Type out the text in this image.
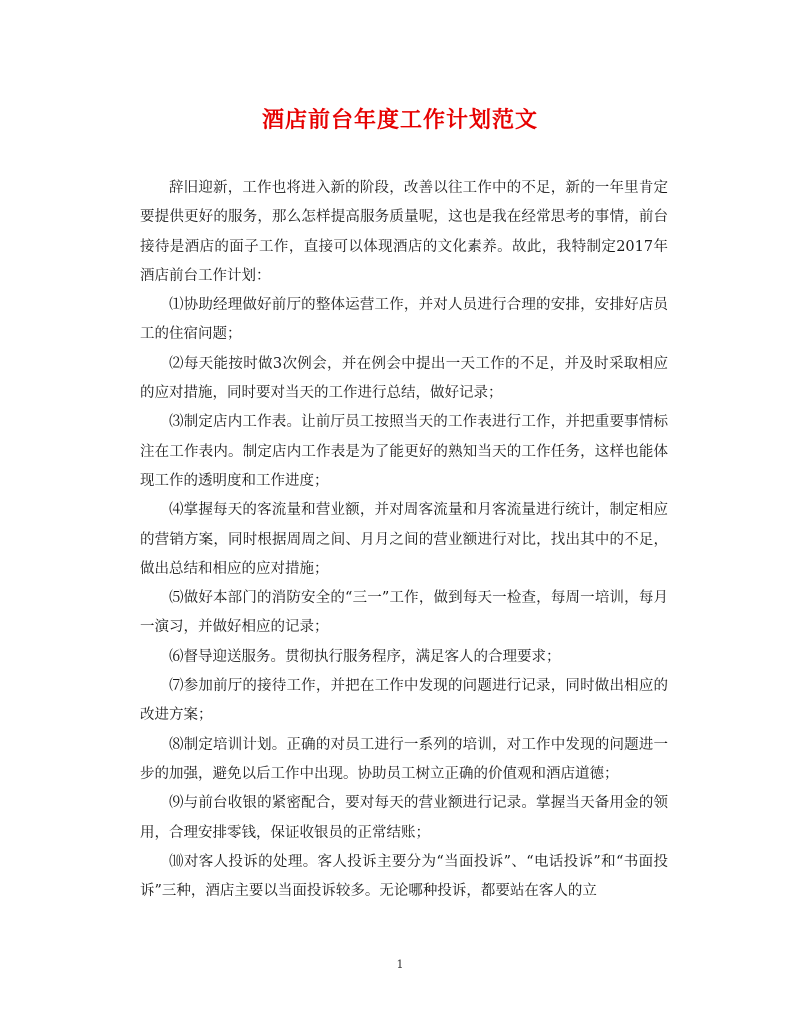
酒店前台年度工作计划范文

辞旧迎新，工作也将进入新的阶段，改善以往工作中的不足，新的一年里肯定要提供更好的服务，那么怎样提高服务质量呢，这也是我在经常思考的事情，前台接待是酒店的面子工作，直接可以体现酒店的文化素养。故此，我特制定2017年酒店前台工作计划：

⑴协助经理做好前厅的整体运营工作，并对人员进行合理的安排，安排好店员工的住宿问题；

⑵每天能按时做3次例会，并在例会中提出一天工作的不足，并及时采取相应的应对措施，同时要对当天的工作进行总结，做好记录；

⑶制定店内工作表。让前厅员工按照当天的工作表进行工作，并把重要事情标注在工作表内。制定店内工作表是为了能更好的熟知当天的工作任务，这样也能体现工作的透明度和工作进度；

⑷掌握每天的客流量和营业额，并对周客流量和月客流量进行统计，制定相应的营销方案，同时根据周周之间、月月之间的营业额进行对比，找出其中的不足，做出总结和相应的应对措施；

⑸做好本部门的消防安全的“三一”工作，做到每天一检查，每周一培训，每月一演习，并做好相应的记录；

⑹督导迎送服务。贯彻执行服务程序，满足客人的合理要求；

⑺参加前厅的接待工作，并把在工作中发现的问题进行记录，同时做出相应的改进方案；

⑻制定培训计划。正确的对员工进行一系列的培训，对工作中发现的问题进一步的加强，避免以后工作中出现。协助员工树立正确的价值观和酒店道德；

⑼与前台收银的紧密配合，要对每天的营业额进行记录。掌握当天备用金的领用，合理安排零钱，保证收银员的正常结账；

⑽对客人投诉的处理。客人投诉主要分为“当面投诉”、“电话投诉”和“书面投诉”三种，酒店主要以当面投诉较多。无论哪种投诉，都要站在客人的立

1
